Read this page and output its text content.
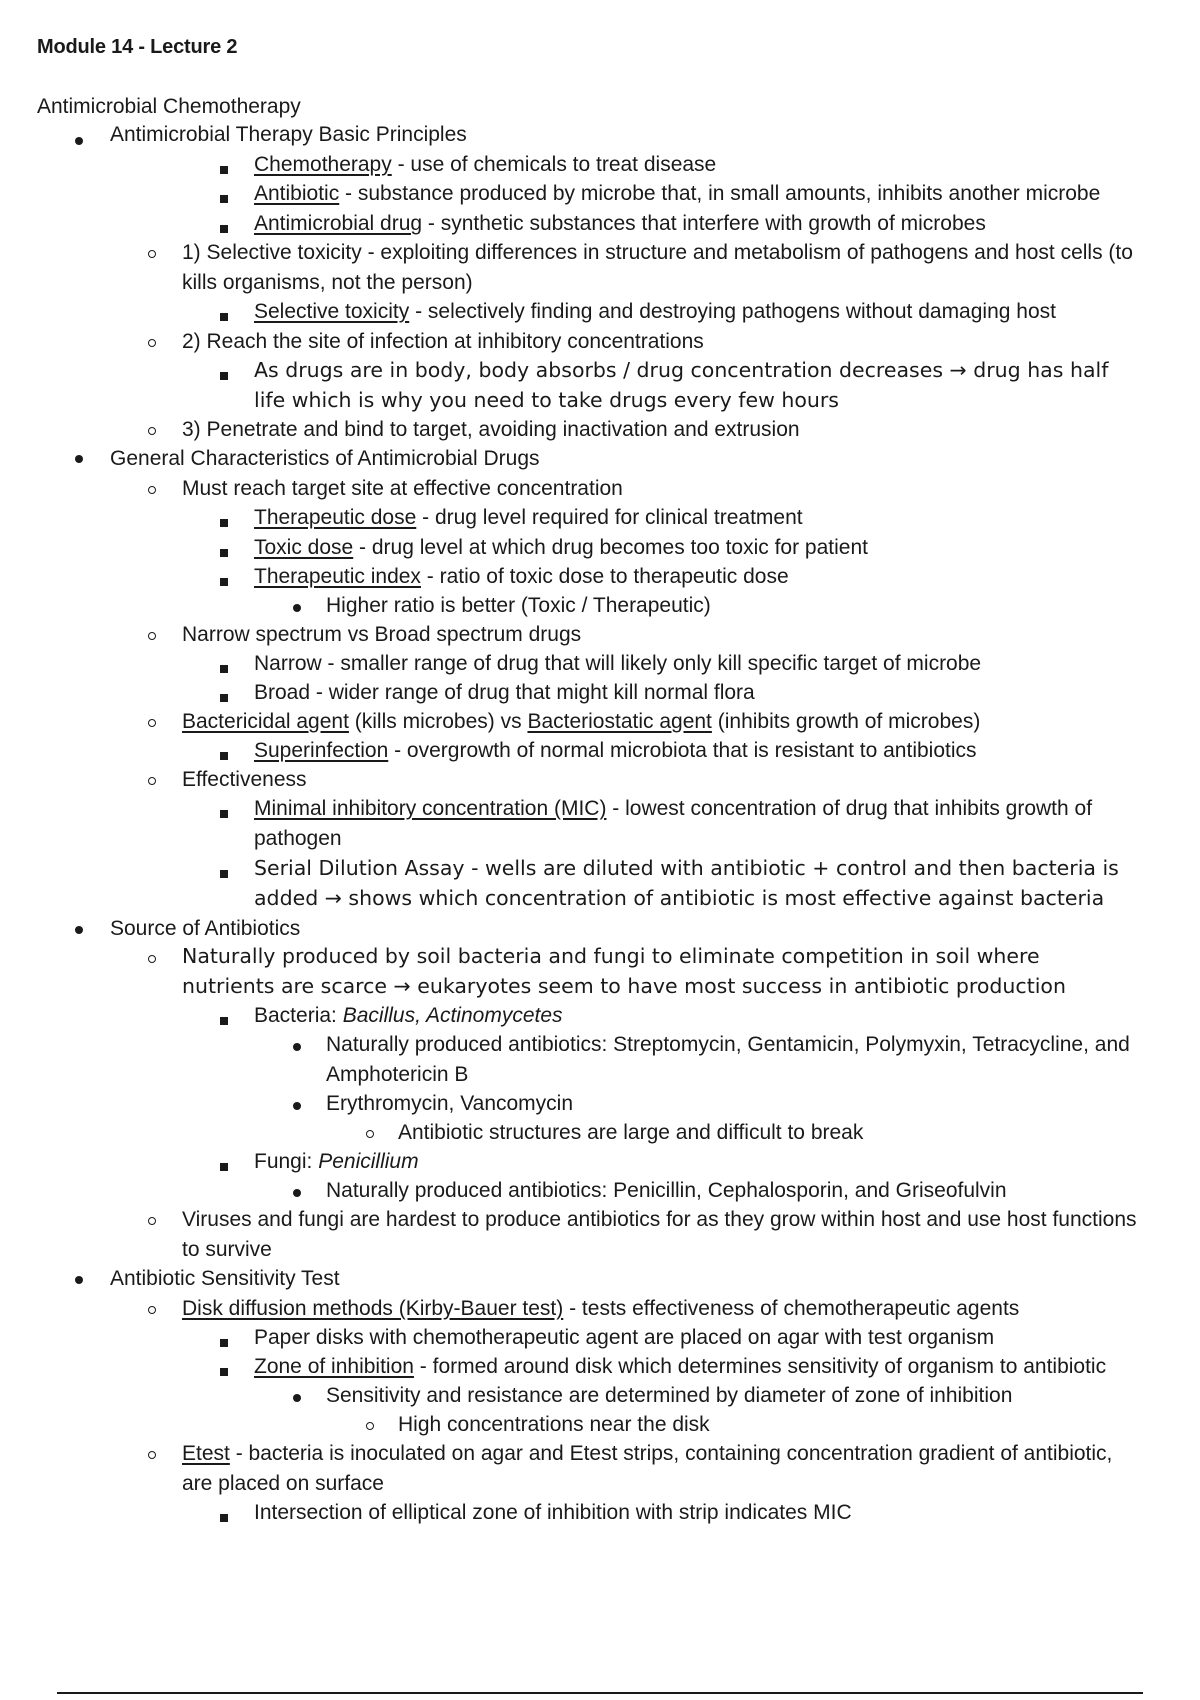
Module 14 - Lecture 2
Antimicrobial Chemotherapy
Antimicrobial Therapy Basic Principles
Chemotherapy - use of chemicals to treat disease
Antibiotic - substance produced by microbe that, in small amounts, inhibits another microbe
Antimicrobial drug - synthetic substances that interfere with growth of microbes
1) Selective toxicity - exploiting differences in structure and metabolism of pathogens and host cells (to
kills organisms, not the person)
Selective toxicity - selectively finding and destroying pathogens without damaging host
2) Reach the site of infection at inhibitory concentrations
As drugs are in body, body absorbs / drug concentration decreases → drug has half
life which is why you need to take drugs every few hours
3) Penetrate and bind to target, avoiding inactivation and extrusion
General Characteristics of Antimicrobial Drugs
Must reach target site at effective concentration
Therapeutic dose - drug level required for clinical treatment
Toxic dose - drug level at which drug becomes too toxic for patient
Therapeutic index - ratio of toxic dose to therapeutic dose
Higher ratio is better (Toxic / Therapeutic)
Narrow spectrum vs Broad spectrum drugs
Narrow - smaller range of drug that will likely only kill specific target of microbe
Broad - wider range of drug that might kill normal flora
Bactericidal agent (kills microbes) vs Bacteriostatic agent (inhibits growth of microbes)
Superinfection - overgrowth of normal microbiota that is resistant to antibiotics
Effectiveness
Minimal inhibitory concentration (MIC) - lowest concentration of drug that inhibits growth of
pathogen
Serial Dilution Assay - wells are diluted with antibiotic + control and then bacteria is
added → shows which concentration of antibiotic is most effective against bacteria
Source of Antibiotics
Naturally produced by soil bacteria and fungi to eliminate competition in soil where
nutrients are scarce → eukaryotes seem to have most success in antibiotic production
Bacteria: Bacillus, Actinomycetes
Naturally produced antibiotics: Streptomycin, Gentamicin, Polymyxin, Tetracycline, and
Amphotericin B
Erythromycin, Vancomycin
Antibiotic structures are large and difficult to break
Fungi: Penicillium
Naturally produced antibiotics: Penicillin, Cephalosporin, and Griseofulvin
Viruses and fungi are hardest to produce antibiotics for as they grow within host and use host functions
to survive
Antibiotic Sensitivity Test
Disk diffusion methods (Kirby-Bauer test) - tests effectiveness of chemotherapeutic agents
Paper disks with chemotherapeutic agent are placed on agar with test organism
Zone of inhibition - formed around disk which determines sensitivity of organism to antibiotic
Sensitivity and resistance are determined by diameter of zone of inhibition
High concentrations near the disk
Etest - bacteria is inoculated on agar and Etest strips, containing concentration gradient of antibiotic,
are placed on surface
Intersection of elliptical zone of inhibition with strip indicates MIC
